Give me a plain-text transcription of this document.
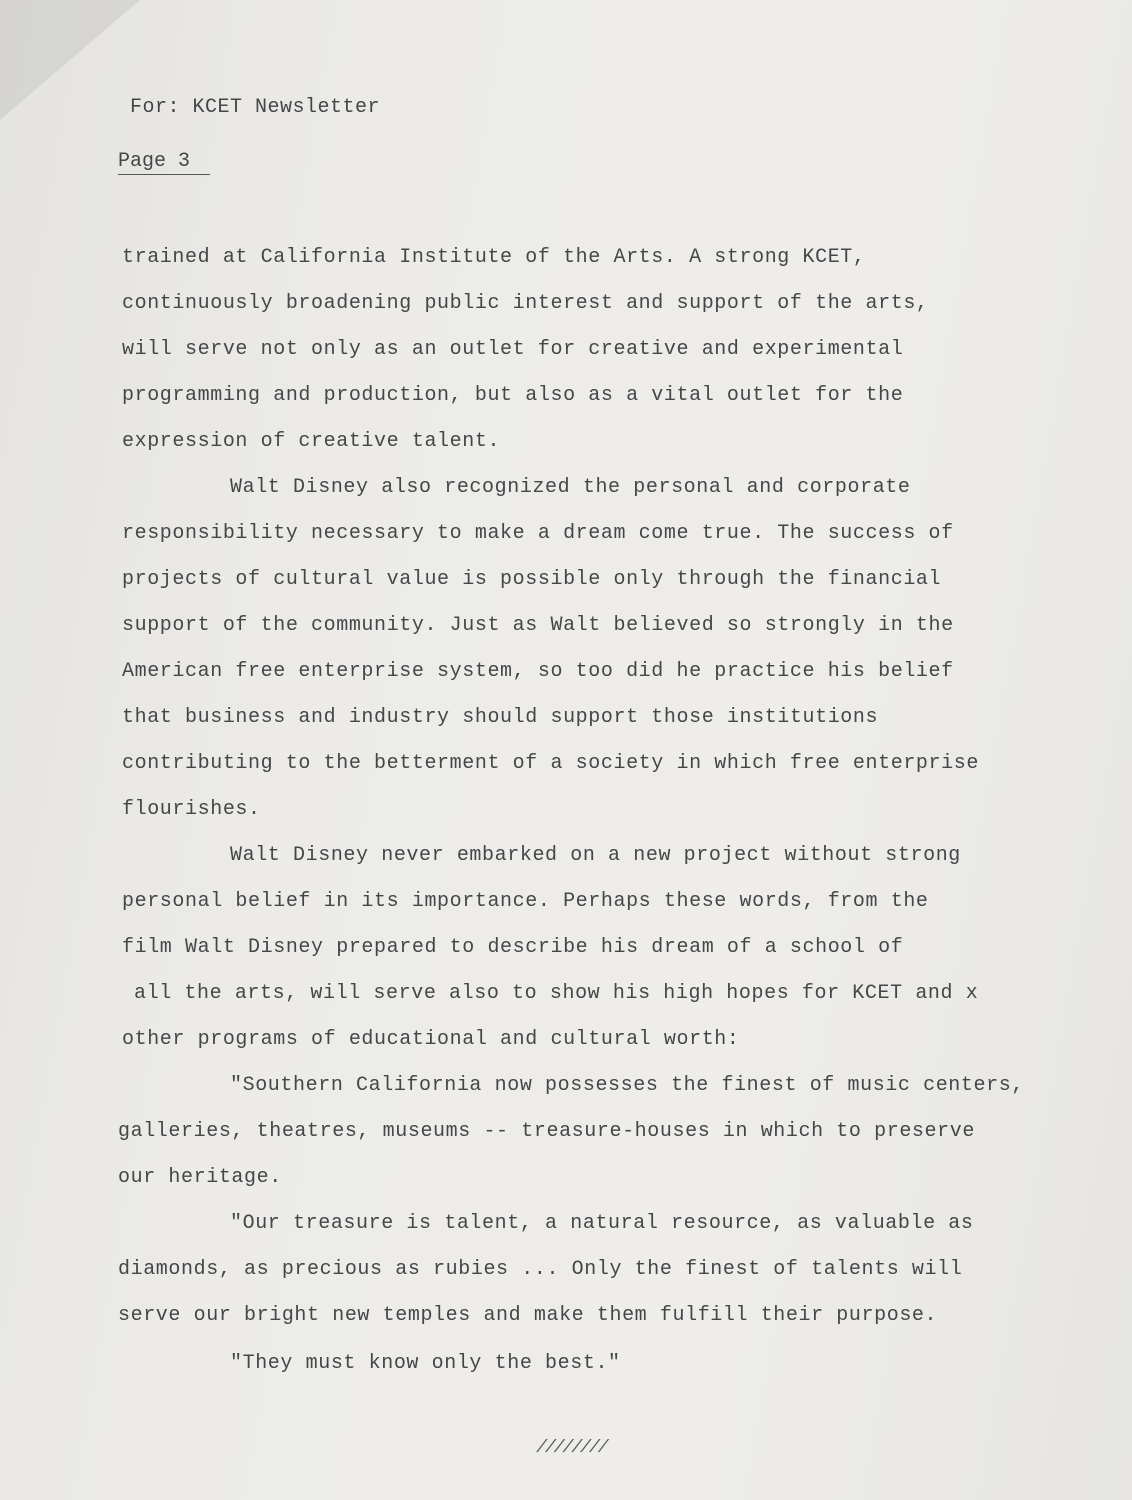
For: KCET Newsletter
Page 3
trained at California Institute of the Arts. A strong KCET,
continuously broadening public interest and support of the arts,
will serve not only as an outlet for creative and experimental
programming and production, but also as a vital outlet for the
expression of creative talent.
Walt Disney also recognized the personal and corporate
responsibility necessary to make a dream come true. The success of
projects of cultural value is possible only through the financial
support of the community. Just as Walt believed so strongly in the
American free enterprise system, so too did he practice his belief
that business and industry should support those institutions
contributing to the betterment of a society in which free enterprise
flourishes.
Walt Disney never embarked on a new project without strong
personal belief in its importance. Perhaps these words, from the
film Walt Disney prepared to describe his dream of a school of
all the arts, will serve also to show his high hopes for KCET and x
other programs of educational and cultural worth:
"Southern California now possesses the finest of music centers,
galleries, theatres, museums -- treasure-houses in which to preserve
our heritage.
"Our treasure is talent, a natural resource, as valuable as
diamonds, as precious as rubies ... Only the finest of talents will
serve our bright new temples and make them fulfill their purpose.
"They must know only the best."
////////
